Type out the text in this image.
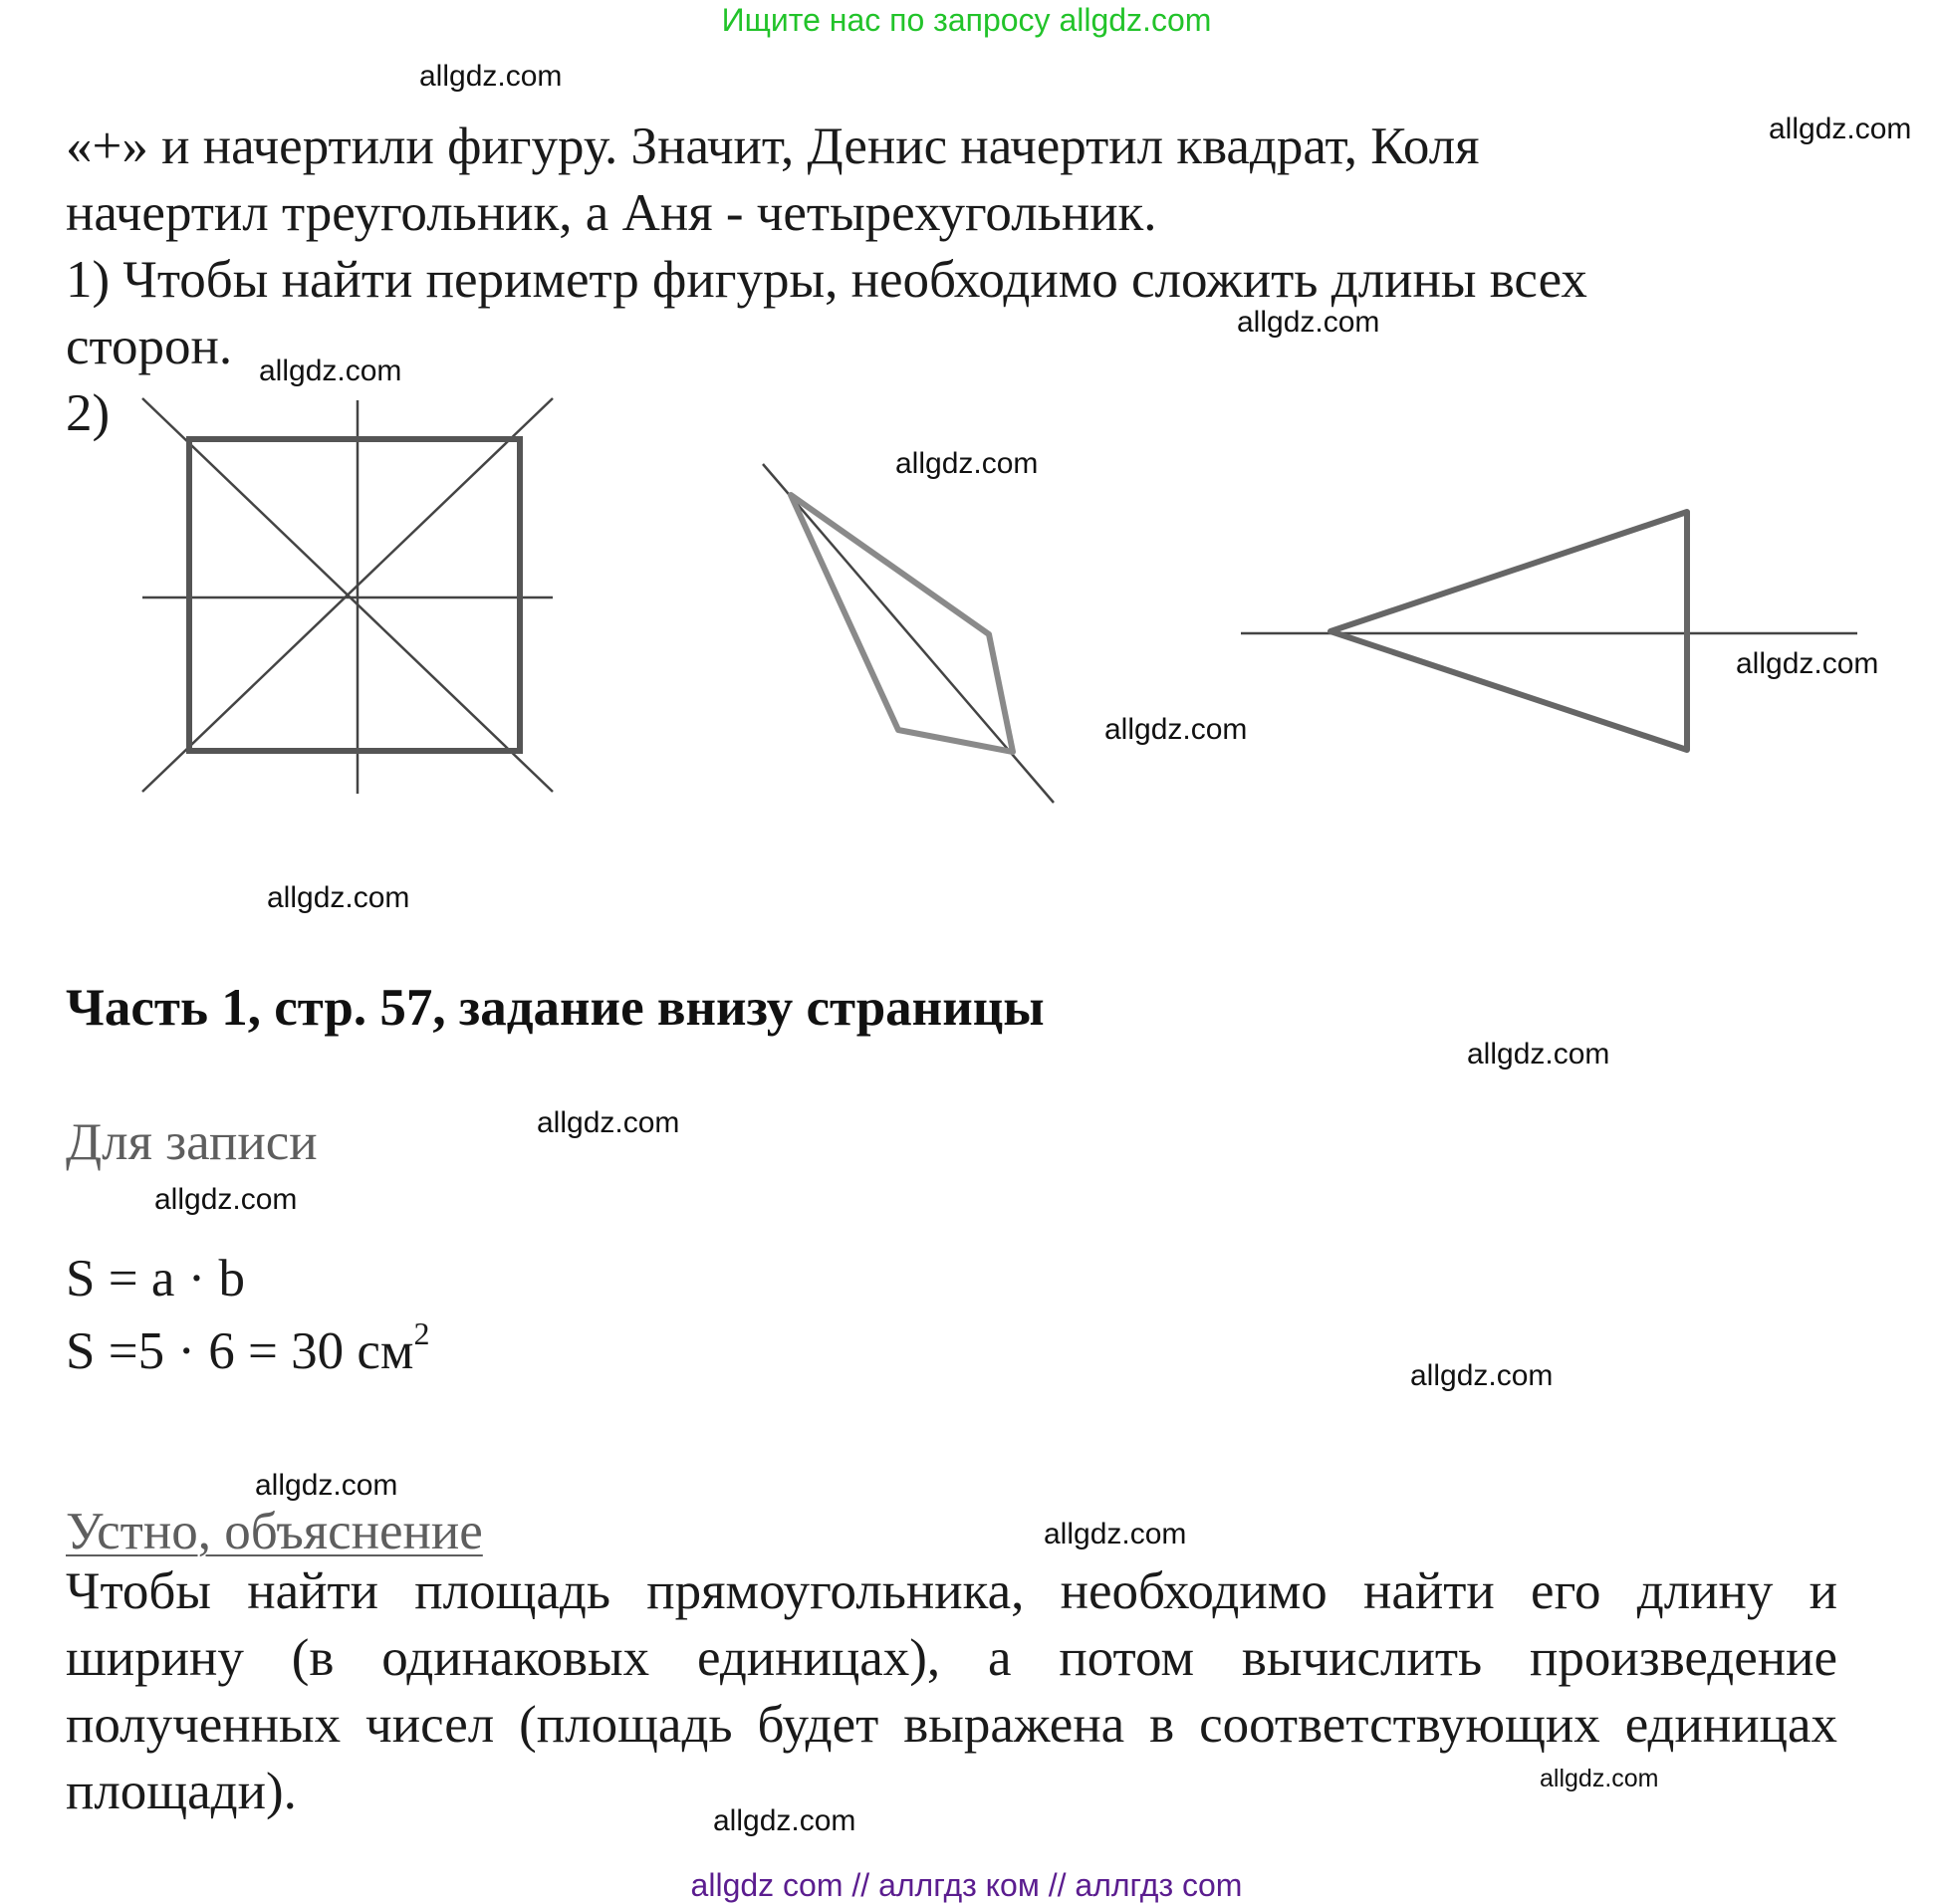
Ищите нас по запросу allgdz.com
allgdz.com
allgdz.com
allgdz.com
allgdz.com
allgdz.com
allgdz.com
allgdz.com
allgdz.com
allgdz.com
allgdz.com
allgdz.com
allgdz.com
allgdz.com
allgdz.com
allgdz.com
allgdz.com
«+» и начертили фигуру. Значит, Денис начертил квадрат, Коля
начертил треугольник, а Аня - четырехугольник.
1) Чтобы найти периметр фигуры, необходимо сложить длины всех
сторон.
2)
Часть 1, стр. 57, задание внизу страницы
Для записи
S = a · b
S =5 · 6 = 30 $см^2$
Устно, объяснение
Чтобы найти площадь прямоугольника, необходимо найти его длину и ширину (в одинаковых единицах), а потом вычислить произведение полученных чисел (площадь будет выражена в соответствующих единицах площади).
allgdz com // аллгдз ком // аллгдз com
